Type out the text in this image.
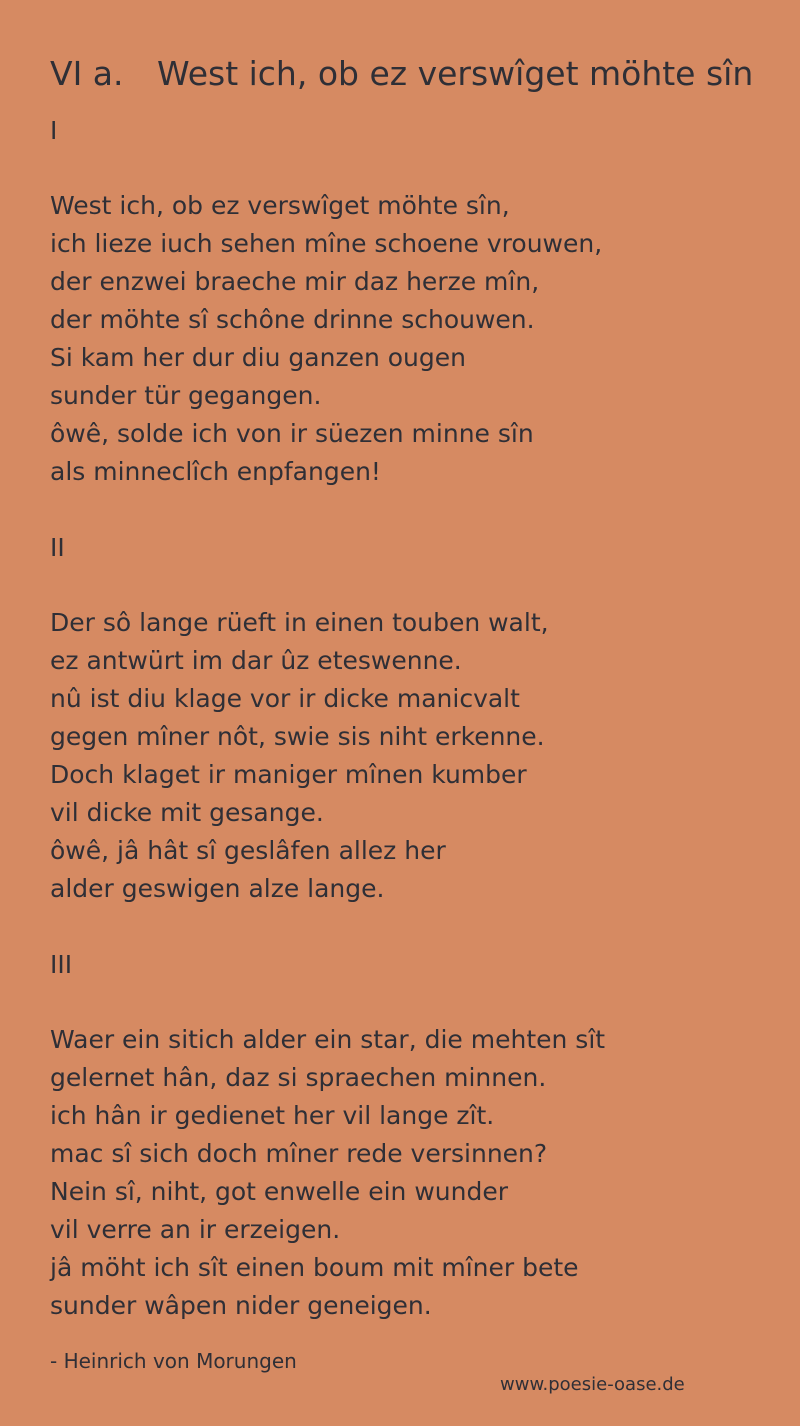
VI a. West ich, ob ez verswîget möhte sîn
I
West ich, ob ez verswîget möhte sîn,
ich lieze iuch sehen mîne schoene vrouwen,
der enzwei braeche mir daz herze mîn,
der möhte sî schône drinne schouwen.
Si kam her dur diu ganzen ougen
sunder tür gegangen.
ôwê, solde ich von ir süezen minne sîn
als minneclîch enpfangen!
II
Der sô lange rüeft in einen touben walt,
ez antwürt im dar ûz eteswenne.
nû ist diu klage vor ir dicke manicvalt
gegen mîner nôt, swie sis niht erkenne.
Doch klaget ir maniger mînen kumber
vil dicke mit gesange.
ôwê, jâ hât sî geslâfen allez her
alder geswigen alze lange.
III
Waer ein sitich alder ein star, die mehten sît
gelernet hân, daz si spraechen minnen.
ich hân ir gedienet her vil lange zît.
mac sî sich doch mîner rede versinnen?
Nein sî, niht, got enwelle ein wunder
vil verre an ir erzeigen.
jâ möht ich sît einen boum mit mîner bete
sunder wâpen nider geneigen.
- Heinrich von Morungen
www.poesie-oase.de
